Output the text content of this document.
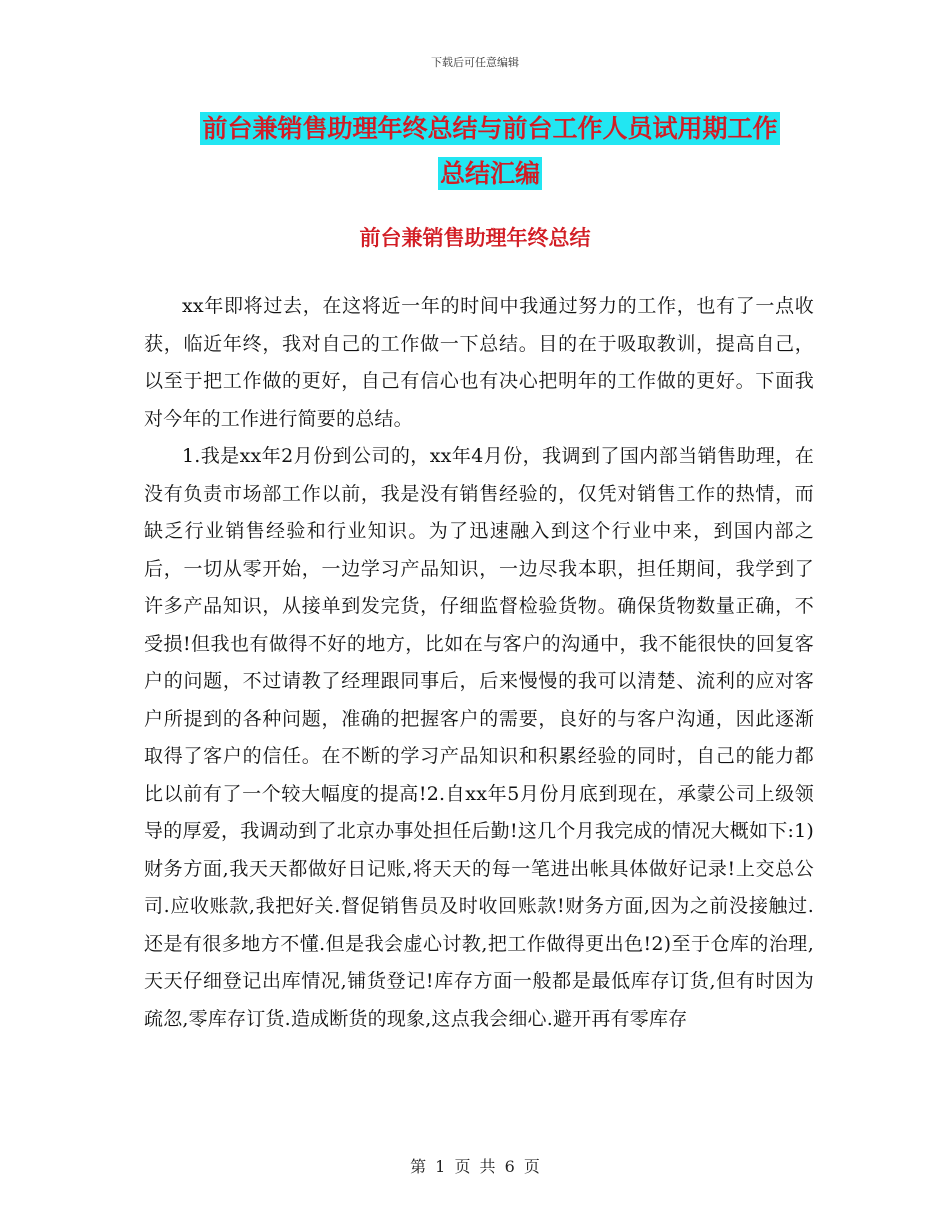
下载后可任意编辑
前台兼销售助理年终总结与前台工作人员试用期工作
总结汇编
前台兼销售助理年终总结

xx年即将过去，在这将近一年的时间中我通过努力的工作，也有了一点收获，临近年终，我对自己的工作做一下总结。目的在于吸取教训，提高自己，以至于把工作做的更好，自己有信心也有决心把明年的工作做的更好。下面我对今年的工作进行简要的总结。

1.我是xx年2月份到公司的，xx年4月份，我调到了国内部当销售助理，在没有负责市场部工作以前，我是没有销售经验的，仅凭对销售工作的热情，而缺乏行业销售经验和行业知识。为了迅速融入到这个行业中来，到国内部之后，一切从零开始，一边学习产品知识，一边尽我本职，担任期间，我学到了许多产品知识，从接单到发完货，仔细监督检验货物。确保货物数量正确，不受损!但我也有做得不好的地方，比如在与客户的沟通中，我不能很快的回复客户的问题，不过请教了经理跟同事后，后来慢慢的我可以清楚、流利的应对客户所提到的各种问题，准确的把握客户的需要，良好的与客户沟通，因此逐渐取得了客户的信任。在不断的学习产品知识和积累经验的同时，自己的能力都比以前有了一个较大幅度的提高!2.自xx年5月份月底到现在，承蒙公司上级领导的厚爱，我调动到了北京办事处担任后勤!这几个月我完成的情况大概如下:1)财务方面,我天天都做好日记账,将天天的每一笔进出帐具体做好记录!上交总公司.应收账款,我把好关.督促销售员及时收回账款!财务方面,因为之前没接触过.还是有很多地方不懂.但是我会虚心讨教,把工作做得更出色!2)至于仓库的治理,天天仔细登记出库情况,铺货登记!库存方面一般都是最低库存订货,但有时因为疏忽,零库存订货.造成断货的现象,这点我会细心.避开再有零库存

第 1 页 共 6 页
